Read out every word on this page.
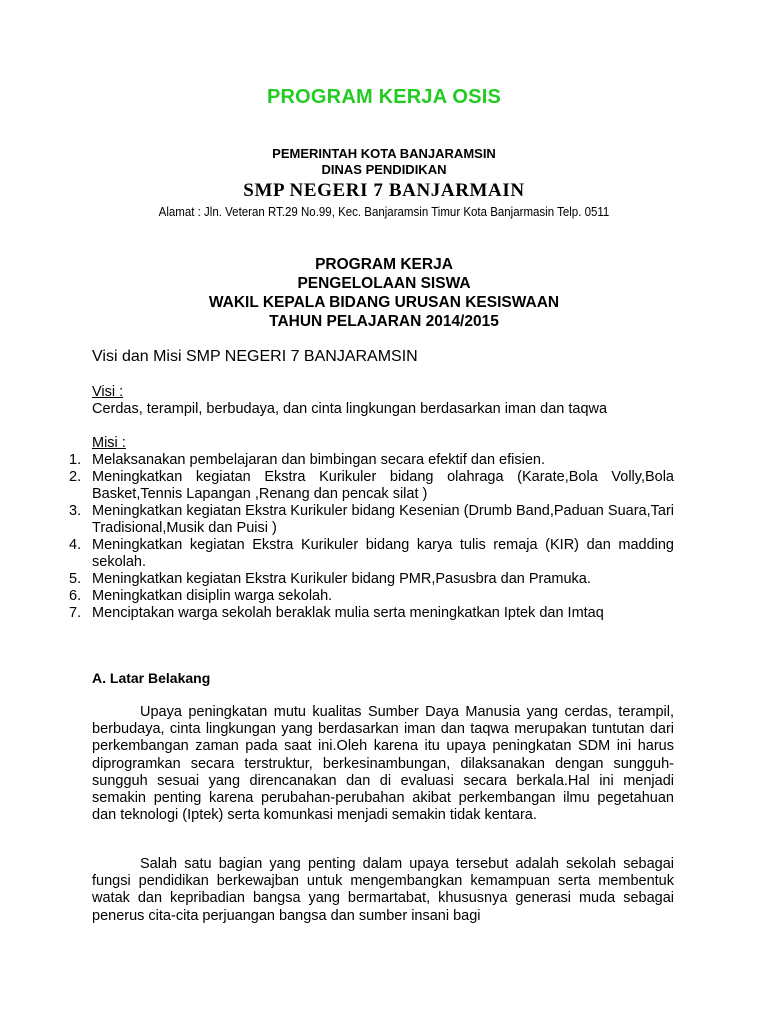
PROGRAM KERJA OSIS
PEMERINTAH KOTA BANJARAMSIN
DINAS PENDIDIKAN
SMP NEGERI 7 BANJARMAIN
Alamat : Jln. Veteran RT.29 No.99, Kec. Banjaramsin Timur Kota Banjarmasin Telp. 0511
PROGRAM KERJA
PENGELOLAAN SISWA
WAKIL KEPALA BIDANG URUSAN KESISWAAN
TAHUN PELAJARAN 2014/2015
Visi dan Misi SMP NEGERI 7 BANJARAMSIN
Visi :
Cerdas, terampil, berbudaya, dan cinta lingkungan berdasarkan iman dan taqwa
Misi :
1. Melaksanakan pembelajaran dan bimbingan secara efektif dan efisien.
2. Meningkatkan kegiatan Ekstra Kurikuler bidang olahraga (Karate,Bola Volly,Bola Basket,Tennis Lapangan ,Renang dan pencak silat )
3. Meningkatkan kegiatan Ekstra Kurikuler bidang Kesenian (Drumb Band,Paduan Suara,Tari Tradisional,Musik dan Puisi )
4. Meningkatkan kegiatan Ekstra Kurikuler bidang karya tulis remaja (KIR) dan madding sekolah.
5. Meningkatkan kegiatan Ekstra Kurikuler bidang PMR,Pasusbra dan Pramuka.
6. Meningkatkan disiplin warga sekolah.
7. Menciptakan warga sekolah beraklak mulia serta meningkatkan Iptek dan Imtaq
A. Latar Belakang
Upaya peningkatan mutu kualitas Sumber Daya Manusia yang cerdas, terampil, berbudaya, cinta lingkungan yang berdasarkan iman dan taqwa merupakan tuntutan dari perkembangan zaman pada saat ini.Oleh karena itu upaya peningkatan SDM ini harus diprogramkan secara terstruktur, berkesinambungan, dilaksanakan dengan sungguh-sungguh sesuai yang direncanakan dan di evaluasi secara berkala.Hal ini menjadi semakin penting karena perubahan-perubahan akibat perkembangan ilmu pegetahuan dan teknologi (Iptek) serta komunkasi menjadi semakin tidak kentara.
Salah satu bagian yang penting dalam upaya tersebut adalah sekolah sebagai fungsi pendidikan berkewajban untuk mengembangkan kemampuan serta membentuk watak dan kepribadian bangsa yang bermartabat, khususnya generasi muda sebagai penerus cita-cita perjuangan bangsa dan sumber insani bagi
